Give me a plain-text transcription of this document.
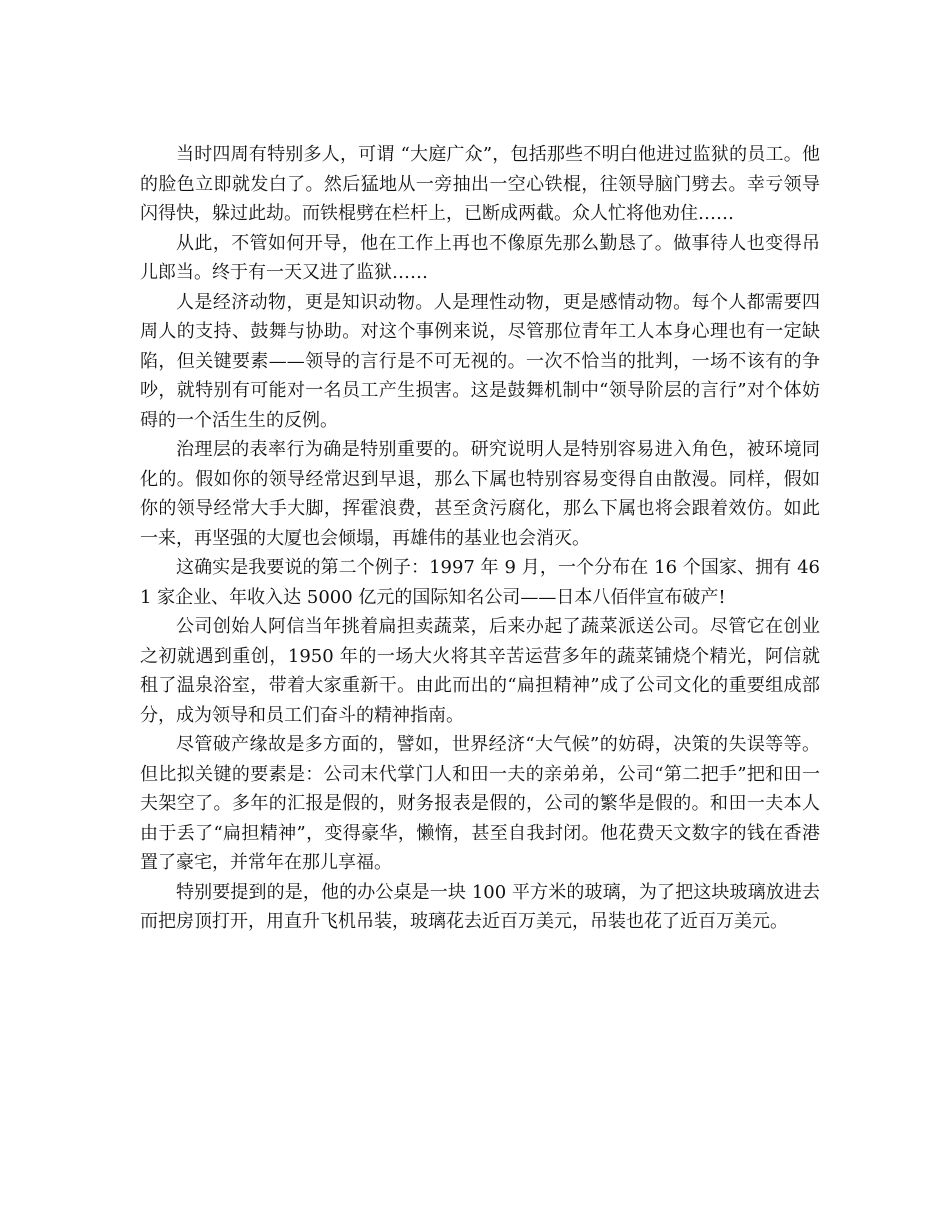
当时四周有特别多人，可谓 “大庭广众”，包括那些不明白他进过监狱的员工。他的脸色立即就发白了。然后猛地从一旁抽出一空心铁棍，往领导脑门劈去。幸亏领导闪得快，躲过此劫。而铁棍劈在栏杆上，已断成两截。众人忙将他劝住……

从此，不管如何开导，他在工作上再也不像原先那么勤恳了。做事待人也变得吊儿郎当。终于有一天又进了监狱……

人是经济动物，更是知识动物。人是理性动物，更是感情动物。每个人都需要四周人的支持、鼓舞与协助。对这个事例来说，尽管那位青年工人本身心理也有一定缺陷，但关键要素——领导的言行是不可无视的。一次不恰当的批判，一场不该有的争吵，就特别有可能对一名员工产生损害。这是鼓舞机制中“领导阶层的言行”对个体妨碍的一个活生生的反例。

治理层的表率行为确是特别重要的。研究说明人是特别容易进入角色，被环境同化的。假如你的领导经常迟到早退，那么下属也特别容易变得自由散漫。同样，假如你的领导经常大手大脚，挥霍浪费，甚至贪污腐化，那么下属也将会跟着效仿。如此一来，再坚强的大厦也会倾塌，再雄伟的基业也会消灭。

这确实是我要说的第二个例子：1997 年 9 月，一个分布在 16 个国家、拥有 461 家企业、年收入达 5000 亿元的国际知名公司——日本八佰伴宣布破产!

公司创始人阿信当年挑着扁担卖蔬菜，后来办起了蔬菜派送公司。尽管它在创业之初就遇到重创，1950 年的一场大火将其辛苦运营多年的蔬菜铺烧个精光，阿信就租了温泉浴室，带着大家重新干。由此而出的“扁担精神”成了公司文化的重要组成部分，成为领导和员工们奋斗的精神指南。

尽管破产缘故是多方面的，譬如，世界经济“大气候”的妨碍，决策的失误等等。但比拟关键的要素是：公司末代掌门人和田一夫的亲弟弟，公司“第二把手”把和田一夫架空了。多年的汇报是假的，财务报表是假的，公司的繁华是假的。和田一夫本人由于丢了“扁担精神”，变得豪华，懒惰，甚至自我封闭。他花费天文数字的钱在香港置了豪宅，并常年在那儿享福。

特别要提到的是，他的办公桌是一块 100 平方米的玻璃，为了把这块玻璃放进去而把房顶打开，用直升飞机吊装，玻璃花去近百万美元，吊装也花了近百万美元。
